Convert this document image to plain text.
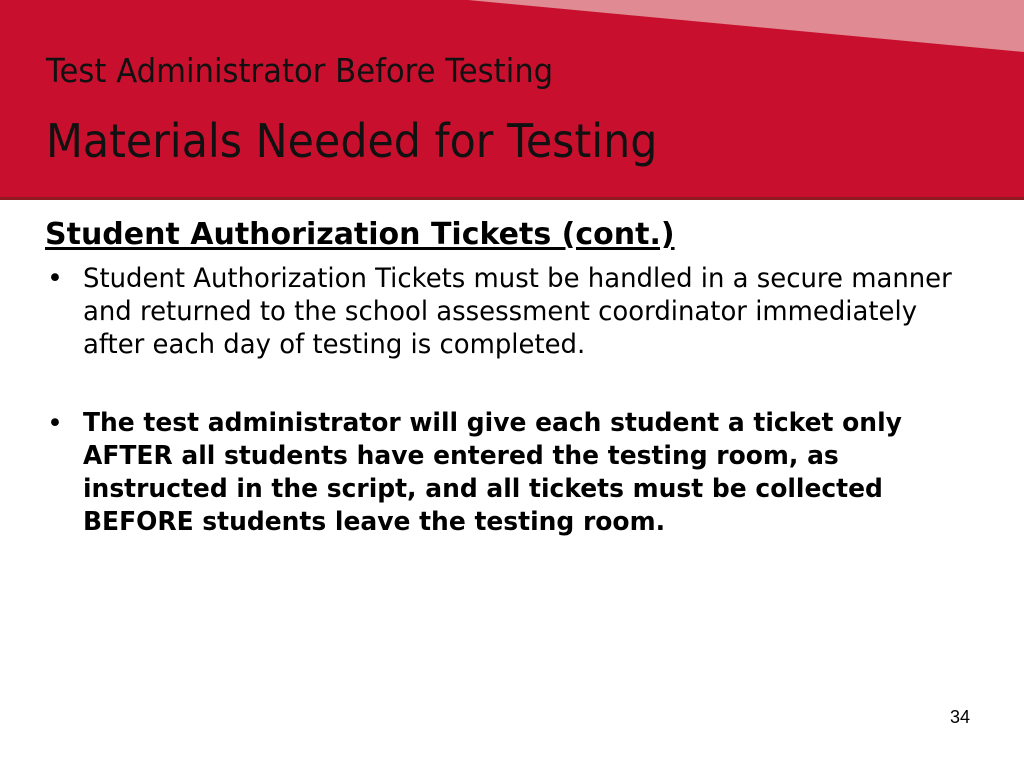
Test Administrator Before Testing
Materials Needed for Testing
Student Authorization Tickets (cont.)
• Student Authorization Tickets must be handled in a secure manner and returned to the school assessment coordinator immediately after each day of testing is completed.
• The test administrator will give each student a ticket only AFTER all students have entered the testing room, as instructed in the script, and all tickets must be collected BEFORE students leave the testing room.
34
